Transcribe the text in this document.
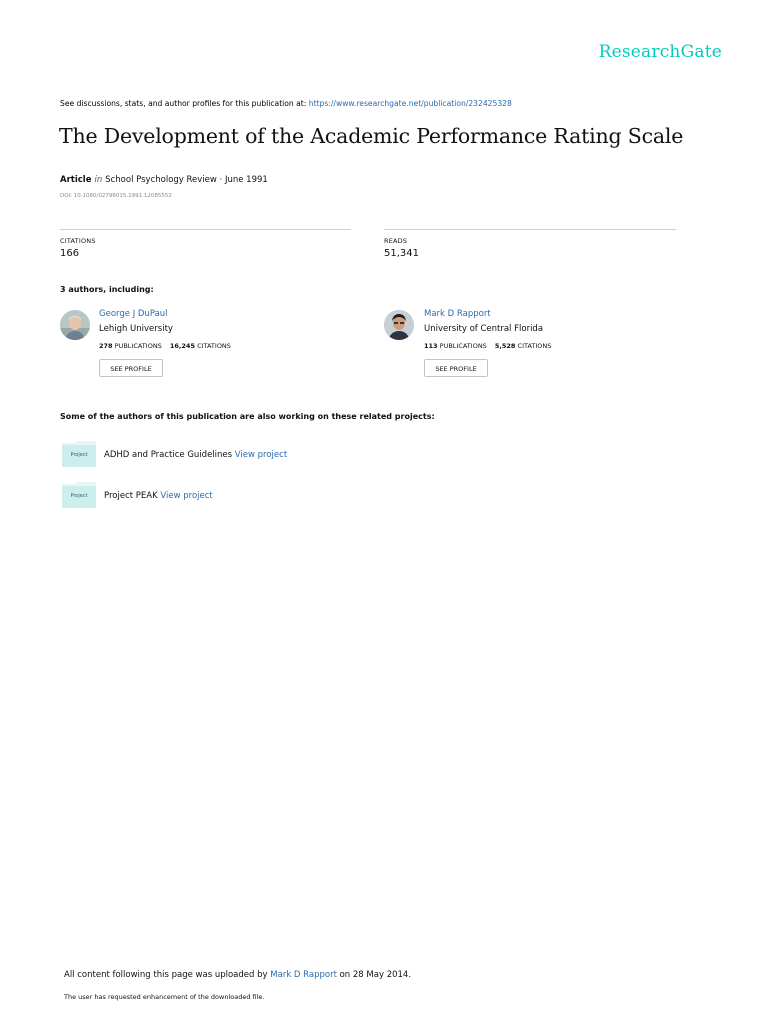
ResearchGate
See discussions, stats, and author profiles for this publication at: https://www.researchgate.net/publication/232425328
The Development of the Academic Performance Rating Scale
Article in School Psychology Review · June 1991
DOI: 10.1080/02796015.1991.12085552
CITATIONS
166
READS
51,341
3 authors, including:
George J DuPaul
Lehigh University
278 PUBLICATIONS 16,245 CITATIONS
SEE PROFILE
Mark D Rapport
University of Central Florida
113 PUBLICATIONS 5,528 CITATIONS
SEE PROFILE
Some of the authors of this publication are also working on these related projects:
Project	ADHD and Practice Guidelines View project
Project	Project PEAK View project
All content following this page was uploaded by Mark D Rapport on 28 May 2014.
The user has requested enhancement of the downloaded file.
